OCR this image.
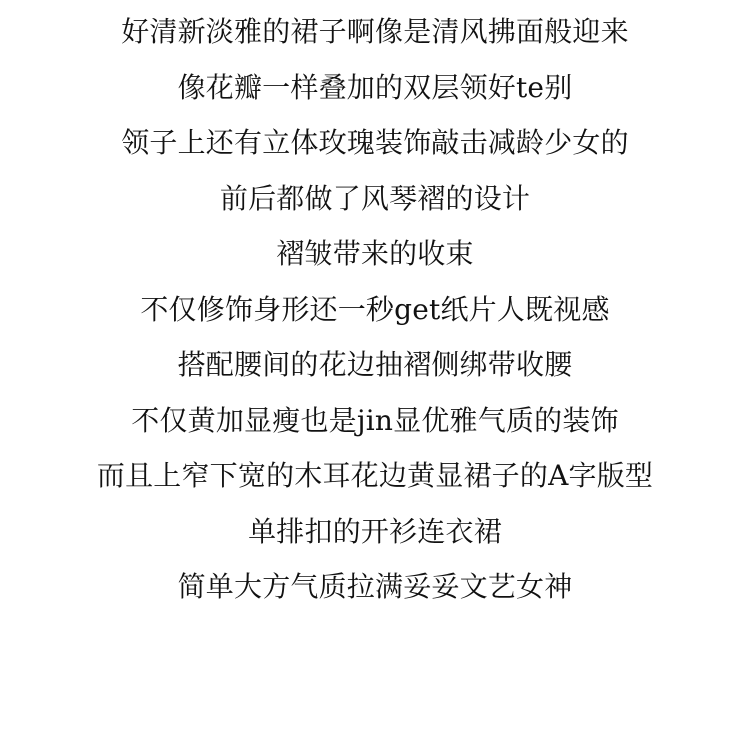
好清新淡雅的裙子啊像是清风拂面般迎来
像花瓣一样叠加的双层领好te别
领子上还有立体玫瑰装饰敲击减龄少女的
前后都做了风琴褶的设计
褶皱带来的收束
不仅修饰身形还一秒get纸片人既视感
搭配腰间的花边抽褶侧绑带收腰
不仅黄加显瘦也是jin显优雅气质的装饰
而且上窄下宽的木耳花边黄显裙子的A字版型
单排扣的开衫连衣裙
简单大方气质拉满妥妥文艺女神
